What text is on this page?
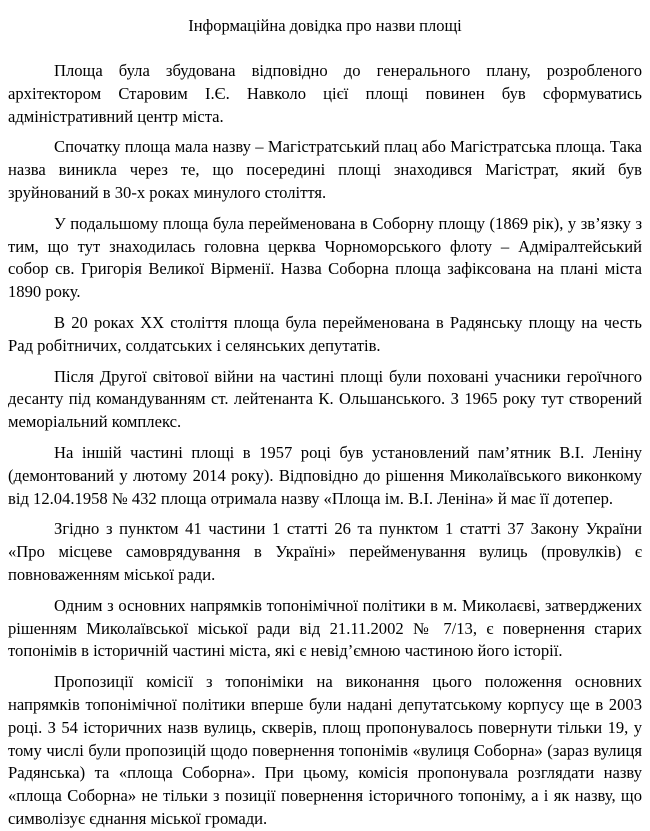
Інформаційна довідка про назви площі

Площа була збудована відповідно до генерального плану, розробленого архітектором Старовим І.Є. Навколо цієї площі повинен був сформуватись адміністративний центр міста.

Спочатку площа мала назву – Магістратський плац або Магістратська площа. Така назва виникла через те, що посередині площі знаходився Магістрат, який був зруйнований в 30-х роках минулого століття.

У подальшому площа була перейменована в Соборну площу (1869 рік), у зв’язку з тим, що тут знаходилась головна церква Чорноморського флоту – Адміралтейський собор св. Григорія Великої Вірменії. Назва Соборна площа зафіксована на плані міста 1890 року.

В 20 роках ХХ століття площа була перейменована в Радянську площу на честь Рад робітничих, солдатських і селянських депутатів.

Після Другої світової війни на частині площі були поховані учасники героїчного десанту під командуванням ст. лейтенанта К. Ольшанського. З 1965 року тут створений меморіальний комплекс.

На іншій частині площі в 1957 році був установлений пам’ятник В.І. Леніну (демонтований у лютому 2014 року). Відповідно до рішення Миколаївського виконкому від 12.04.1958 № 432 площа отримала назву «Площа ім. В.І. Леніна» й має її дотепер.

Згідно з пунктом 41 частини 1 статті 26 та пунктом 1 статті 37 Закону України «Про місцеве самоврядування в Україні» перейменування вулиць (провулків) є повноваженням міської ради.

Одним з основних напрямків топонімічної політики в м. Миколаєві, затверджених рішенням Миколаївської міської ради від 21.11.2002 № 7/13, є повернення старих топонімів в історичній частині міста, які є невід’ємною частиною його історії.

Пропозиції комісії з топоніміки на виконання цього положення основних напрямків топонімічної політики вперше були надані депутатському корпусу ще в 2003 році. З 54 історичних назв вулиць, скверів, площ пропонувалось повернути тільки 19, у тому числі були пропозицій щодо повернення топонімів «вулиця Соборна» (зараз вулиця Радянська) та «площа Соборна». При цьому, комісія пропонувала розглядати назву «площа Соборна» не тільки з позиції повернення історичного топоніму, а і як назву, що символізує єднання міської громади.
